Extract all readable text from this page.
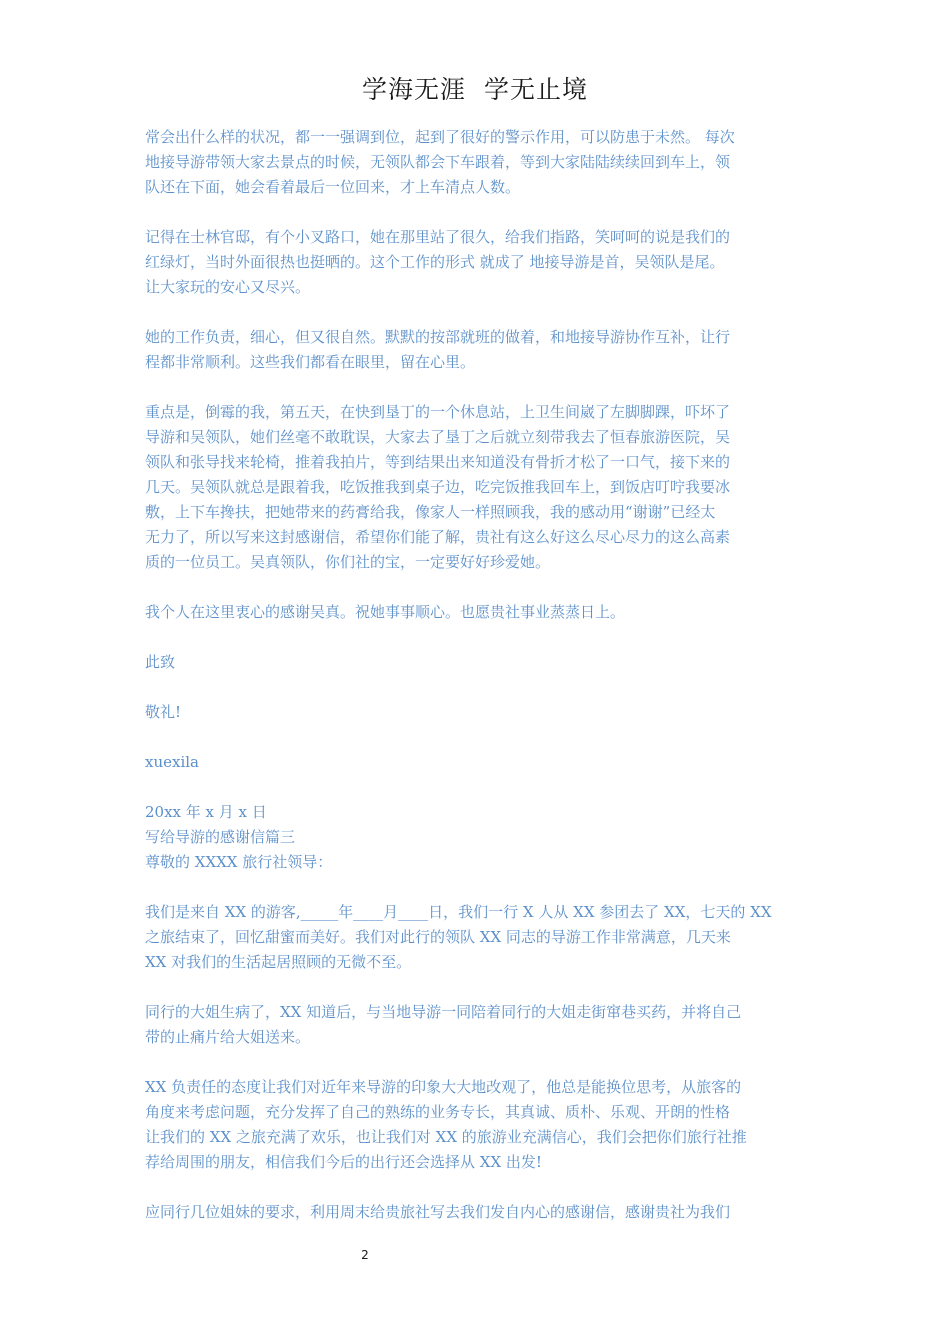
学海无涯  学无止境
常会出什么样的状况，都一一强调到位，起到了很好的警示作用，可以防患于未然。 每次
地接导游带领大家去景点的时候，无领队都会下车跟着，等到大家陆陆续续回到车上，领
队还在下面，她会看着最后一位回来，才上车清点人数。
记得在士林官邸，有个小叉路口，她在那里站了很久，给我们指路，笑呵呵的说是我们的
红绿灯，当时外面很热也挺晒的。这个工作的形式 就成了 地接导游是首，吴领队是尾。
让大家玩的安心又尽兴。
她的工作负责，细心，但又很自然。默默的按部就班的做着，和地接导游协作互补，让行
程都非常顺利。这些我们都看在眼里，留在心里。
重点是，倒霉的我，第五天，在快到垦丁的一个休息站，上卫生间崴了左脚脚踝，吓坏了
导游和吴领队，她们丝毫不敢耽误，大家去了垦丁之后就立刻带我去了恒春旅游医院，吴
领队和张导找来轮椅，推着我拍片，等到结果出来知道没有骨折才松了一口气，接下来的
几天。吴领队就总是跟着我，吃饭推我到桌子边，吃完饭推我回车上，到饭店叮咛我要冰
敷，上下车搀扶，把她带来的药膏给我，像家人一样照顾我，我的感动用“谢谢”已经太
无力了，所以写来这封感谢信，希望你们能了解，贵社有这么好这么尽心尽力的这么高素
质的一位员工。吴真领队，你们社的宝，一定要好好珍爱她。
我个人在这里衷心的感谢吴真。祝她事事顺心。也愿贵社事业蒸蒸日上。
此致
敬礼!
xuexila
20xx 年 x 月 x 日
写给导游的感谢信篇三
尊敬的 XXXX 旅行社领导：
我们是来自 XX 的游客,_____年____月____日，我们一行 X 人从 XX 参团去了 XX，七天的 XX
之旅结束了，回忆甜蜜而美好。我们对此行的领队 XX 同志的导游工作非常满意，几天来
XX 对我们的生活起居照顾的无微不至。
同行的大姐生病了，XX 知道后，与当地导游一同陪着同行的大姐走街窜巷买药，并将自己
带的止痛片给大姐送来。
XX 负责任的态度让我们对近年来导游的印象大大地改观了，他总是能换位思考，从旅客的
角度来考虑问题，充分发挥了自己的熟练的业务专长，其真诚、质朴、乐观、开朗的性格
让我们的 XX 之旅充满了欢乐，也让我们对 XX 的旅游业充满信心，我们会把你们旅行社推
荐给周围的朋友，相信我们今后的出行还会选择从 XX 出发!
应同行几位姐妹的要求，利用周末给贵旅社写去我们发自内心的感谢信，感谢贵社为我们
2
